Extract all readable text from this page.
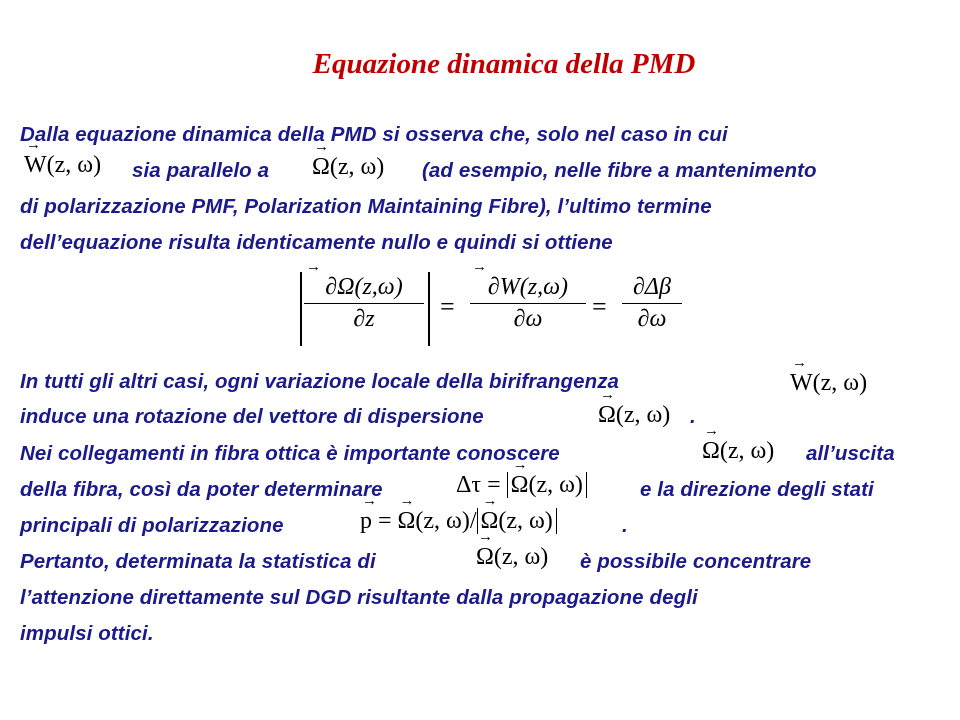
Equazione dinamica della PMD
Dalla equazione dinamica della PMD si osserva che, solo nel caso in cui
→ W(z, ω) sia parallelo a → Ω(z, ω) (ad esempio, nelle fibre a mantenimento
di polarizzazione PMF, Polarization Maintaining Fibre), l’ultimo termine
dell’equazione risulta identicamente nullo e quindi si ottiene
$\frac{\partial\to \Omega(z,\omega)}{\partial z} = \frac{\partial\to W(z,\omega)}{\partial\omega} = \frac{\partial\Delta\beta}{\partial\omega}$
In tutti gli altri casi, ogni variazione locale della birifrangenza	→ W(z, ω)
induce una rotazione del vettore di dispersione	→ Ω(z, ω) .
Nei collegamenti in fibra ottica è importante conoscere	→ Ω(z, ω) all’uscita
della fibra, così da poter determinare	Δτ = → Ω(z, ω)	e la direzione degli stati
principali di polarizzazione	→ p = → Ω(z, ω)/ → Ω(z, ω)	.
Pertanto, determinata la statistica di	→ Ω(z, ω) è possibile concentrare
l’attenzione direttamente sul DGD risultante dalla propagazione degli
impulsi ottici.
